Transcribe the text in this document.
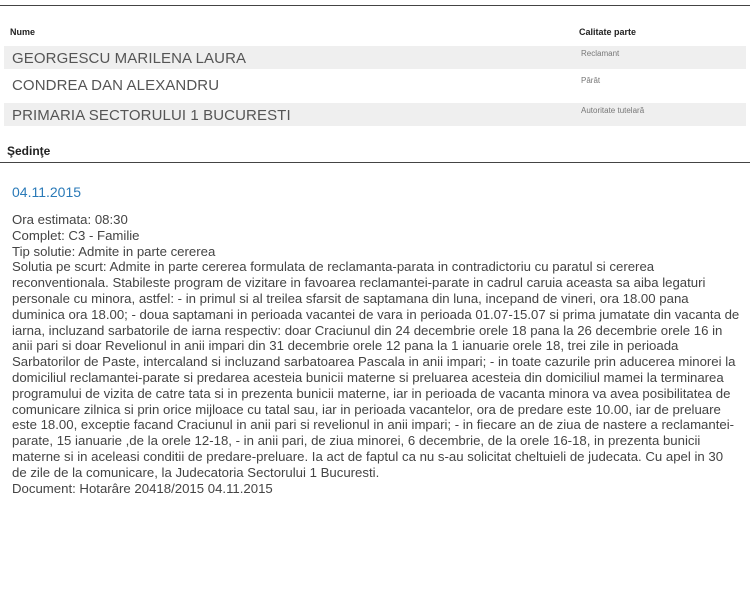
Nume	Calitate parte
GEORGESCU MARILENA LAURA	Reclamant
CONDREA DAN ALEXANDRU	Pârât
PRIMARIA SECTORULUI 1 BUCURESTI	Autoritate tutelară
Şedinţe
04.11.2015
Ora estimata: 08:30
Complet: C3 - Familie
Tip solutie: Admite in parte cererea
Solutia pe scurt: Admite in parte cererea formulata de reclamanta-parata in contradictoriu cu paratul si cererea reconventionala. Stabileste program de vizitare in favoarea reclamantei-parate in cadrul caruia aceasta sa aiba legaturi personale cu minora, astfel: - in primul si al treilea sfarsit de saptamana din luna, incepand de vineri, ora 18.00 pana duminica ora 18.00; - doua saptamani in perioada vacantei de vara in perioada 01.07-15.07 si prima jumatate din vacanta de iarna, incluzand sarbatorile de iarna respectiv: doar Craciunul din 24 decembrie orele 18 pana la 26 decembrie orele 16 in anii pari si doar Revelionul in anii impari din 31 decembrie orele 12 pana la 1 ianuarie orele 18, trei zile in perioada Sarbatorilor de Paste, intercaland si incluzand sarbatoarea Pascala in anii impari; - in toate cazurile prin aducerea minorei la domiciliul reclamantei-parate si predarea acesteia bunicii materne si preluarea acesteia din domiciliul mamei la terminarea programului de vizita de catre tata si in prezenta bunicii materne, iar in perioada de vacanta minora va avea posibilitatea de comunicare zilnica si prin orice mijloace cu tatal sau, iar in perioada vacantelor, ora de predare este 10.00, iar de preluare este 18.00, exceptie facand Craciunul in anii pari si revelionul in anii impari; - in fiecare an de ziua de nastere a reclamantei-parate, 15 ianuarie ,de la orele 12-18, - in anii pari, de ziua minorei, 6 decembrie, de la orele 16-18, in prezenta bunicii materne si in aceleasi conditii de predare-preluare. Ia act de faptul ca nu s-au solicitat cheltuieli de judecata. Cu apel in 30 de zile de la comunicare, la Judecatoria Sectorului 1 Bucuresti.
Document: Hotarâre 20418/2015 04.11.2015
